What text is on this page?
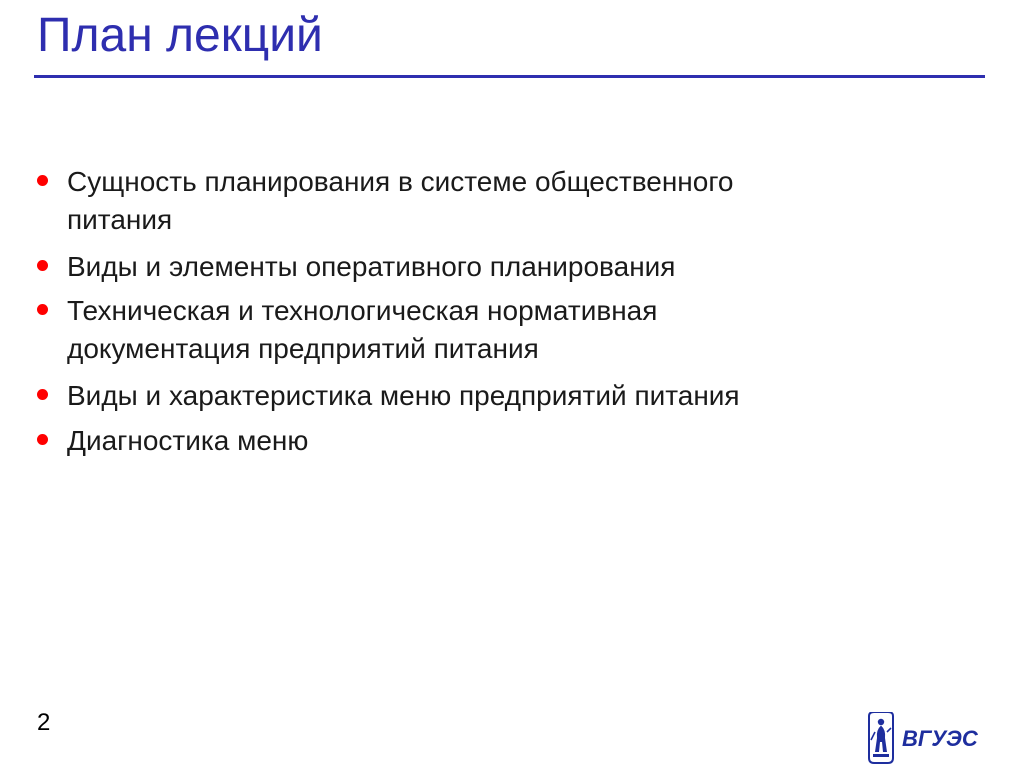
План лекций
Сущность планирования в системе общественного
питания
Виды и элементы оперативного планирования
Техническая и технологическая нормативная
документация предприятий питания
Виды и характеристика меню предприятий питания
Диагностика меню
2
ВГУЭС
